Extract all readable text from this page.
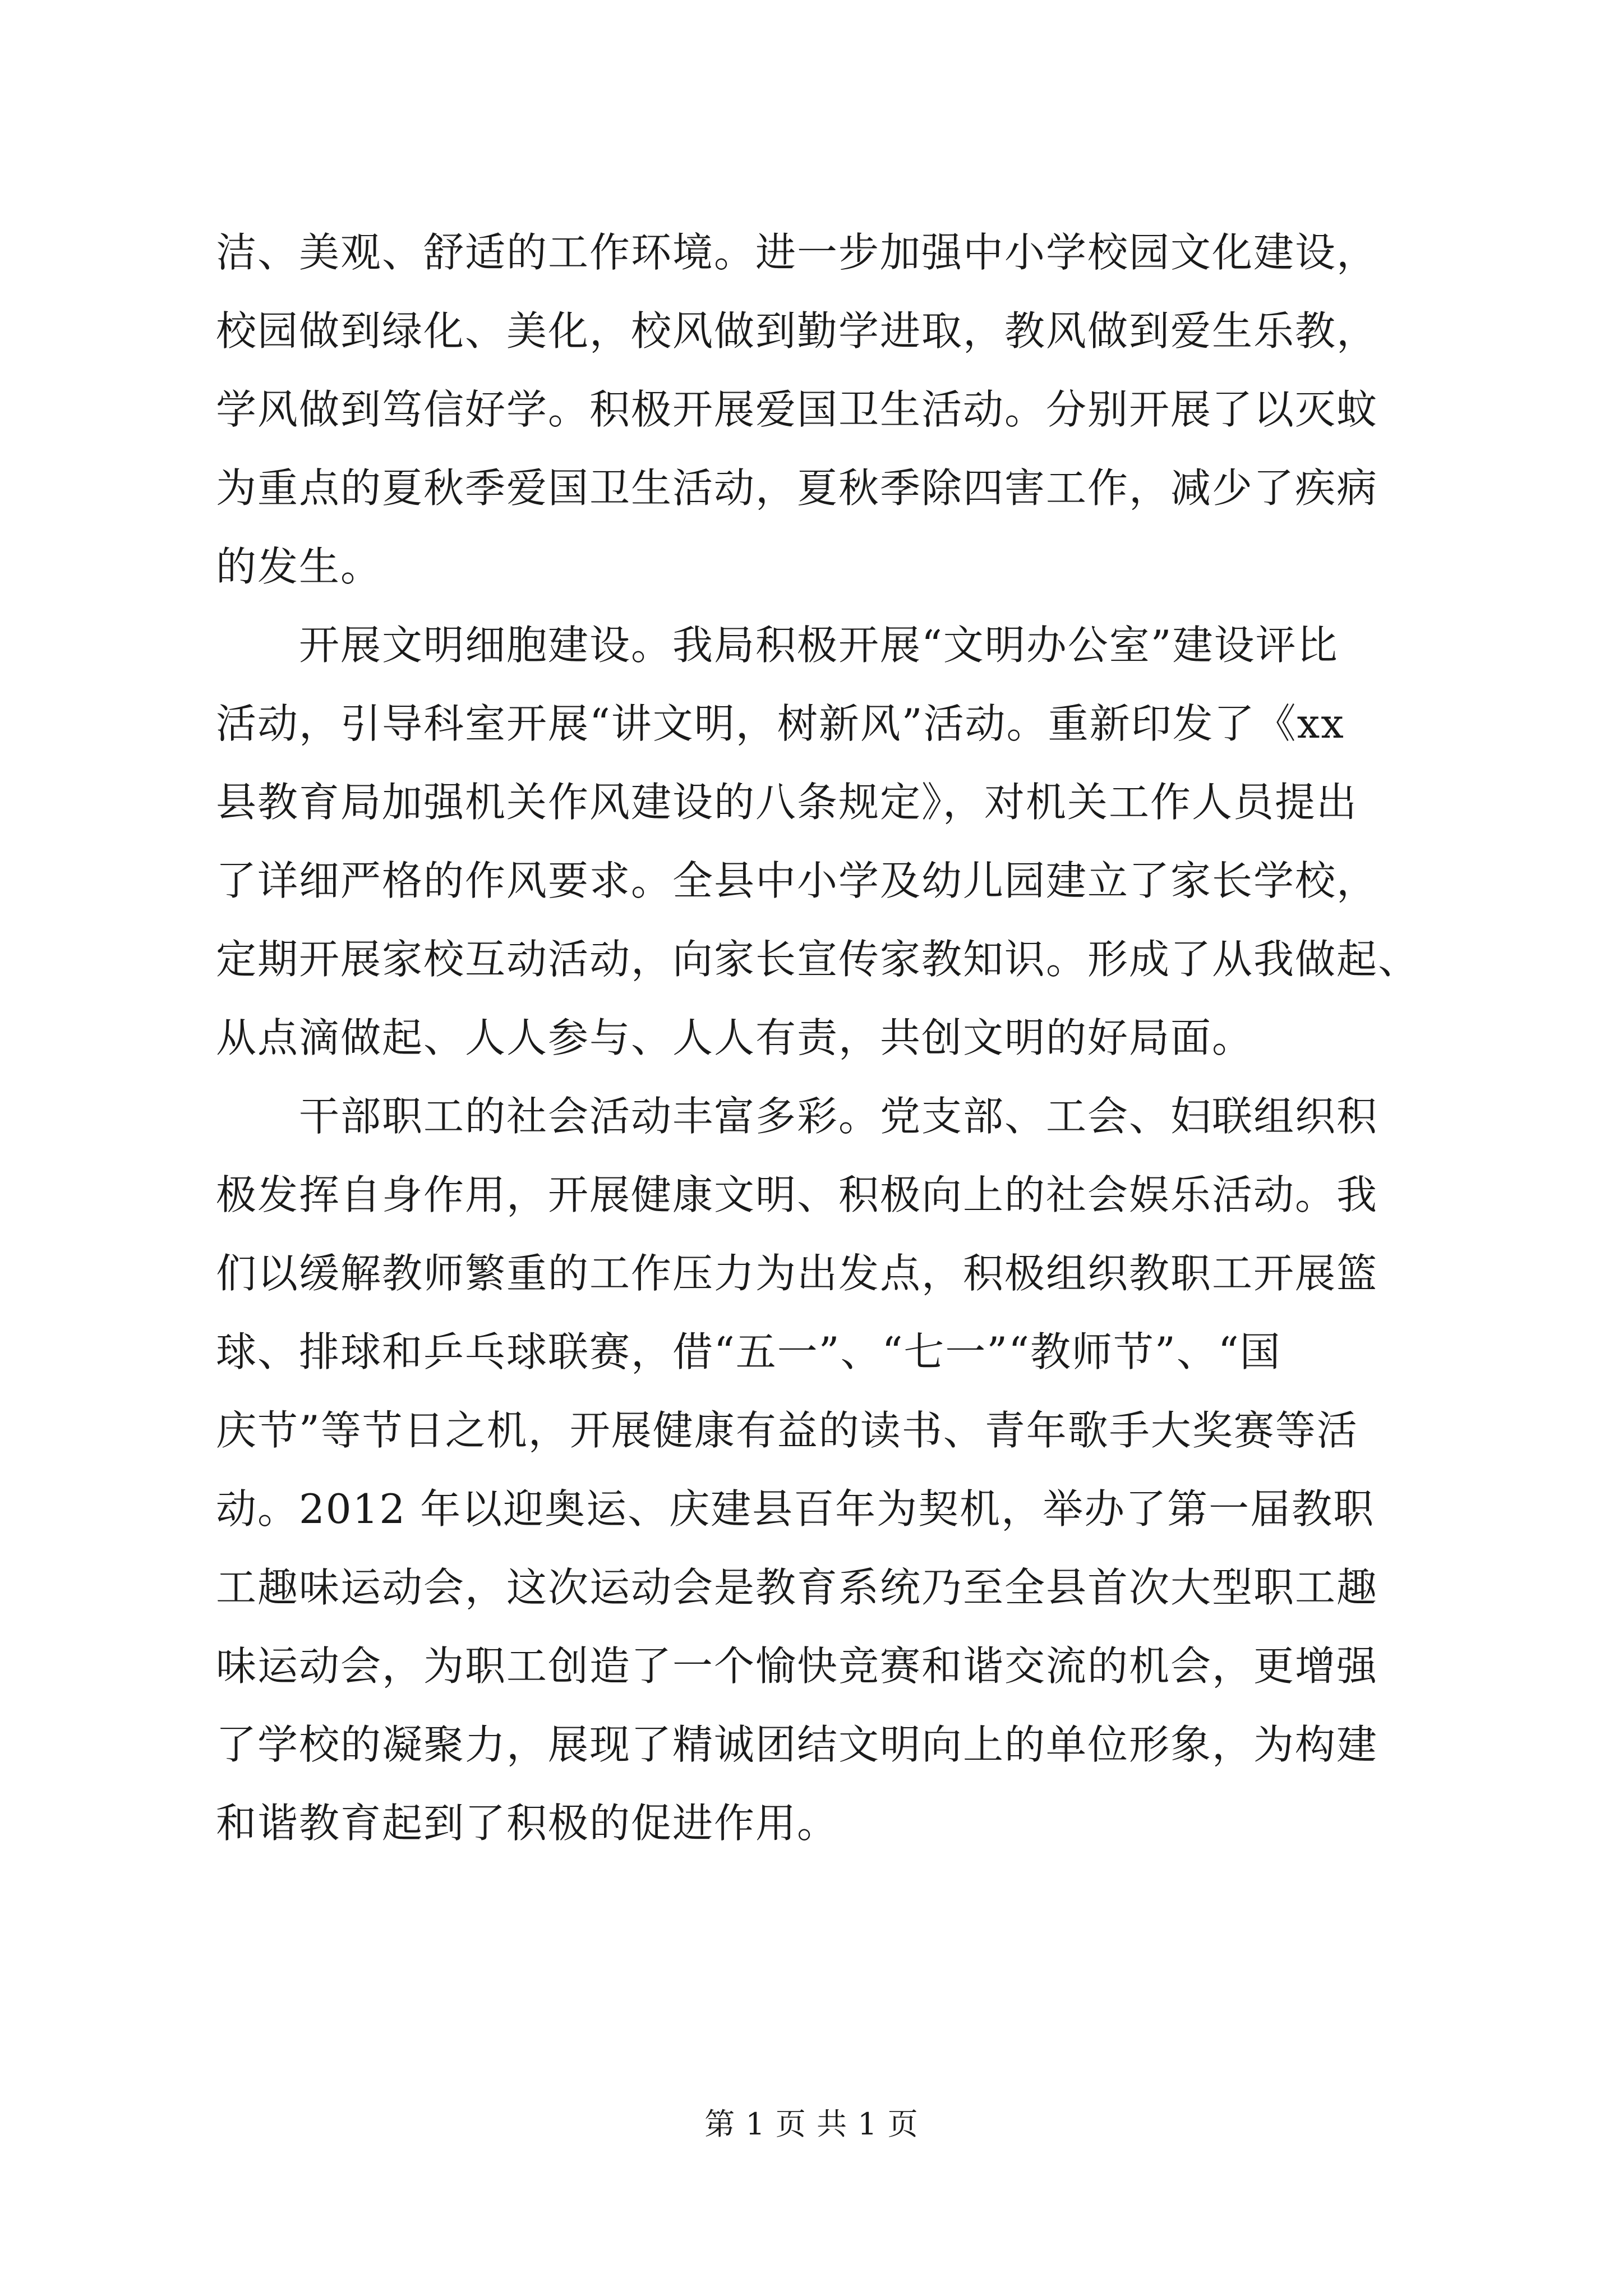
洁、美观、舒适的工作环境。进一步加强中小学校园文化建设，
校园做到绿化、美化，校风做到勤学进取，教风做到爱生乐教，
学风做到笃信好学。积极开展爱国卫生活动。分别开展了以灭蚊
为重点的夏秋季爱国卫生活动，夏秋季除四害工作，减少了疾病
的发生。
　　开展文明细胞建设。我局积极开展“文明办公室”建设评比
活动，引导科室开展“讲文明，树新风”活动。重新印发了《xx
县教育局加强机关作风建设的八条规定》，对机关工作人员提出
了详细严格的作风要求。全县中小学及幼儿园建立了家长学校，
定期开展家校互动活动，向家长宣传家教知识。形成了从我做起、
从点滴做起、人人参与、人人有责，共创文明的好局面。
　　干部职工的社会活动丰富多彩。党支部、工会、妇联组织积
极发挥自身作用，开展健康文明、积极向上的社会娱乐活动。我
们以缓解教师繁重的工作压力为出发点，积极组织教职工开展篮
球、排球和乒乓球联赛，借“五一”、“七一”“教师节”、“国
庆节”等节日之机，开展健康有益的读书、青年歌手大奖赛等活
动。2012 年以迎奥运、庆建县百年为契机，举办了第一届教职
工趣味运动会，这次运动会是教育系统乃至全县首次大型职工趣
味运动会，为职工创造了一个愉快竞赛和谐交流的机会，更增强
了学校的凝聚力，展现了精诚团结文明向上的单位形象，为构建
和谐教育起到了积极的促进作用。
第 1 页 共 1 页
